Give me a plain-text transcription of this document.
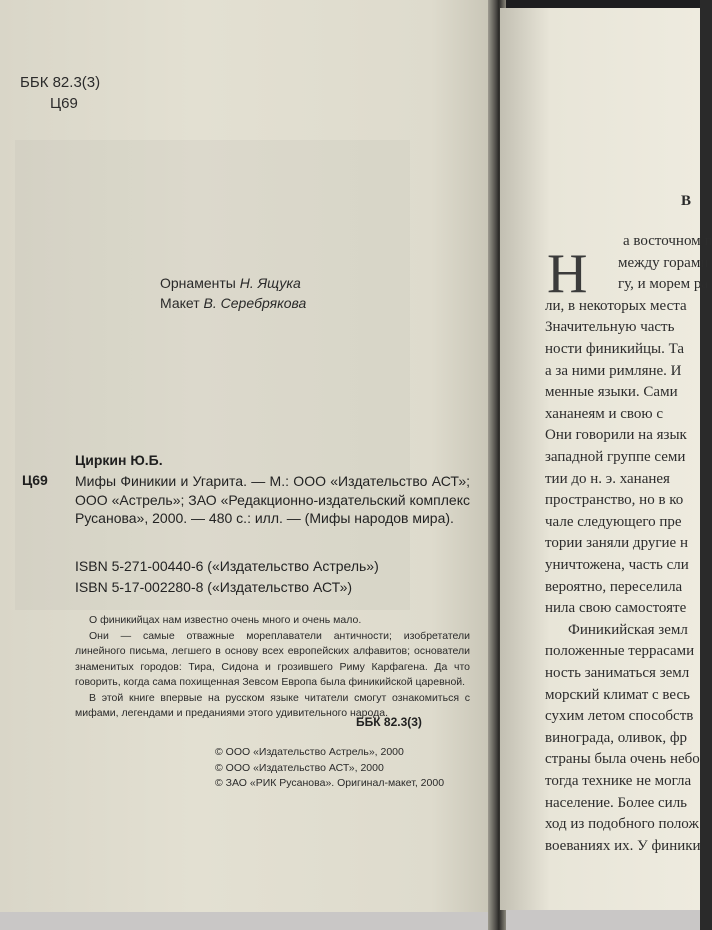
ББК 82.3(3)
Ц69
Орнаменты Н. Ящука
Макет В. Серебрякова
Циркин Ю.Б.
Ц69 Мифы Финикии и Угарита. — М.: ООО «Издательство АСТ»; ООО «Астрель»; ЗАО «Редакционно-издательский комплекс Русанова», 2000. — 480 с.: илл. — (Мифы народов мира).
ISBN 5-271-00440-6 («Издательство Астрель»)
ISBN 5-17-002280-8 («Издательство АСТ»)

О финикийцах нам известно очень много и очень мало.

Они — самые отважные мореплаватели античности; изобретатели линейного письма, легшего в основу всех европейских алфавитов; основатели знаменитых городов: Тира, Сидона и грозившего Риму Карфагена. Да что говорить, когда сама похищенная Зевсом Европа была финикийской царевной.

В этой книге впервые на русском языке читатели смогут ознакомиться с мифами, легендами и преданиями этого удивительного народа.

ББК 82.3(3)
© ООО «Издательство Астрель», 2000
© ООО «Издательство АСТ», 2000
© ЗАО «РИК Русанова». Оригинал-макет, 2000
В
Н
а восточном п
между горами
гу, и морем ра
ли, в некоторых места
Значительную часть
ности финикийцы. Та
а за ними римляне. И
менные языки. Сами
хананеям и свою с
Они говорили на язык
западной группе семи
тии до н. э. хананея
пространство, но в ко
чале следующего пре
тории заняли другие н
уничтожена, часть сли
вероятно, переселила
нила свою самостояте
Финикийская земл
положенные террасами
ность заниматься земл
морский климат с весь
сухим летом способств
винограда, оливок, фр
страны была очень небо
тогда технике не могла
население. Более силь
ход из подобного полож
воеваниях их. У финики
